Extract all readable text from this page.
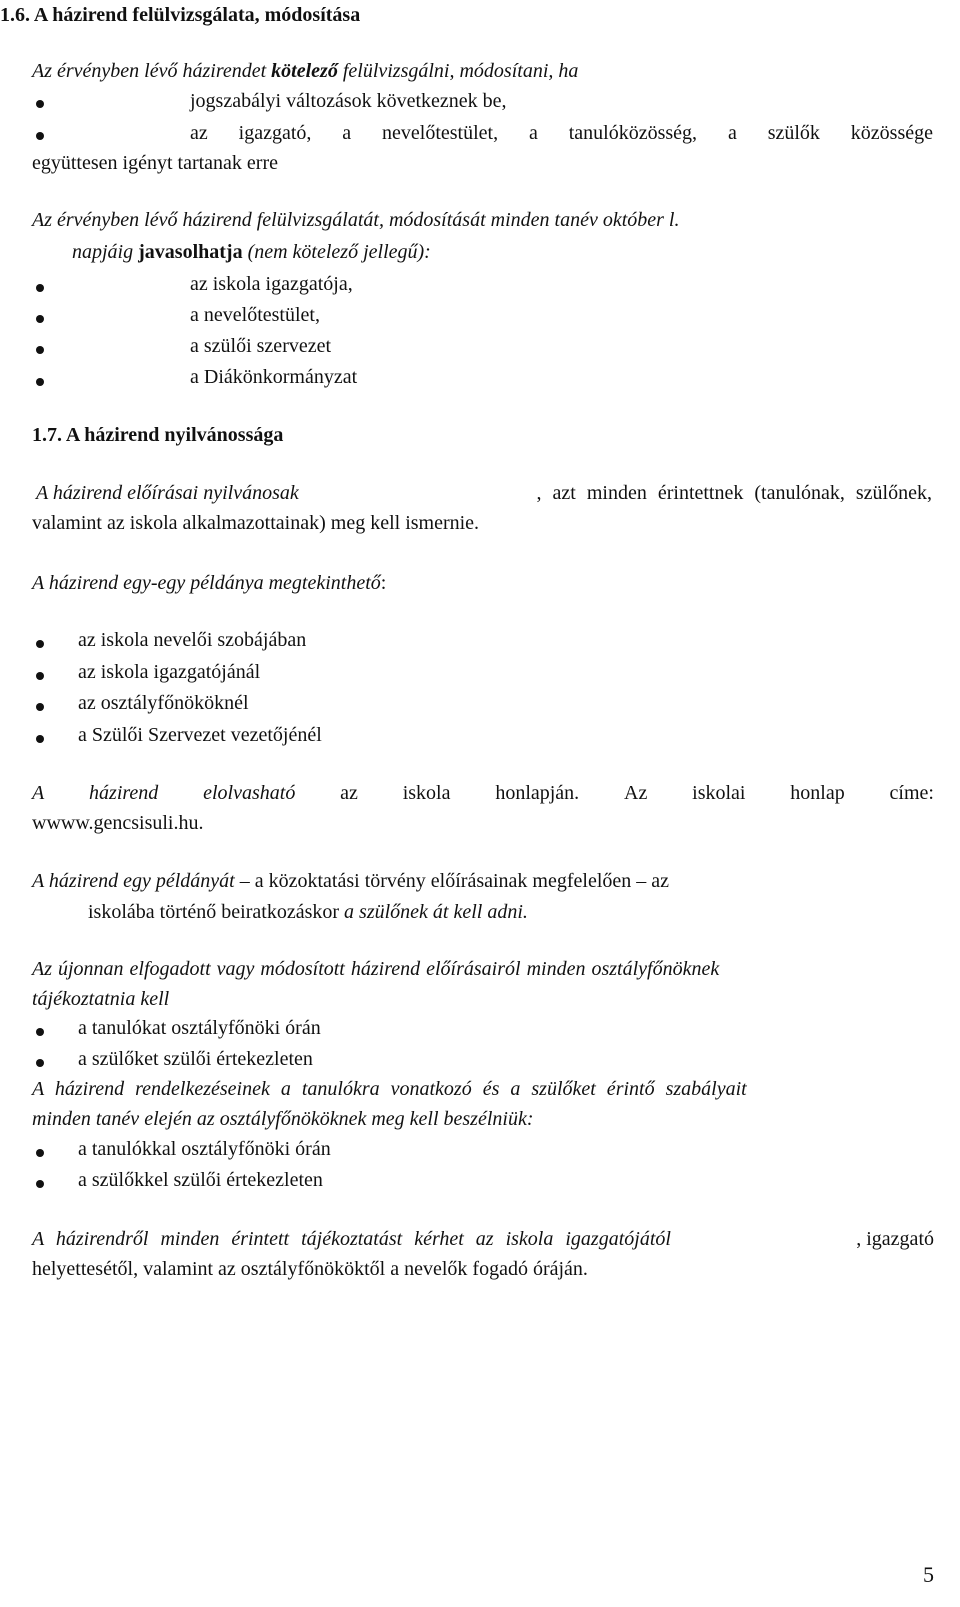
1.6. A házirend felülvizsgálata, módosítása
Az érvényben lévő házirendet kötelező felülvizsgálni, módosítani, ha
jogszabályi változások következnek be,
az igazgató, a nevelőtestület, a tanulóközösség, a szülők közössége
együttesen igényt tartanak erre
Az érvényben lévő házirend felülvizsgálatát, módosítását minden tanév október l.
napjáig javasolhatja (nem kötelező jellegű):
az iskola igazgatója,
a nevelőtestület,
a szülői szervezet
a Diákönkormányzat
1.7. A házirend nyilvánossága
A házirend előírásai nyilvánosak	, azt minden érintettnek (tanulónak, szülőnek,
valamint az iskola alkalmazottainak) meg kell ismernie.
A házirend egy-egy példánya megtekinthető:
az iskola nevelői szobájában
az iskola igazgatójánál
az osztályfőnököknél
a Szülői Szervezet vezetőjénél
A házirend elolvasható az iskola honlapján. Az iskolai honlap címe:
wwww.gencsisuli.hu.
A házirend egy példányát – a közoktatási törvény előírásainak megfelelően – az
iskolába történő beiratkozáskor a szülőnek át kell adni.
Az újonnan elfogadott vagy módosított házirend előírásairól minden osztályfőnöknek
tájékoztatnia kell
a tanulókat osztályfőnöki órán
a szülőket szülői értekezleten
A házirend rendelkezéseinek a tanulókra vonatkozó és a szülőket érintő szabályait
minden tanév elején az osztályfőnököknek meg kell beszélniük:
a tanulókkal osztályfőnöki órán
a szülőkkel szülői értekezleten
A házirendről minden érintett tájékoztatást kérhet az iskola igazgatójától	, igazgató
helyettesétől, valamint az osztályfőnököktől a nevelők fogadó óráján.
5
